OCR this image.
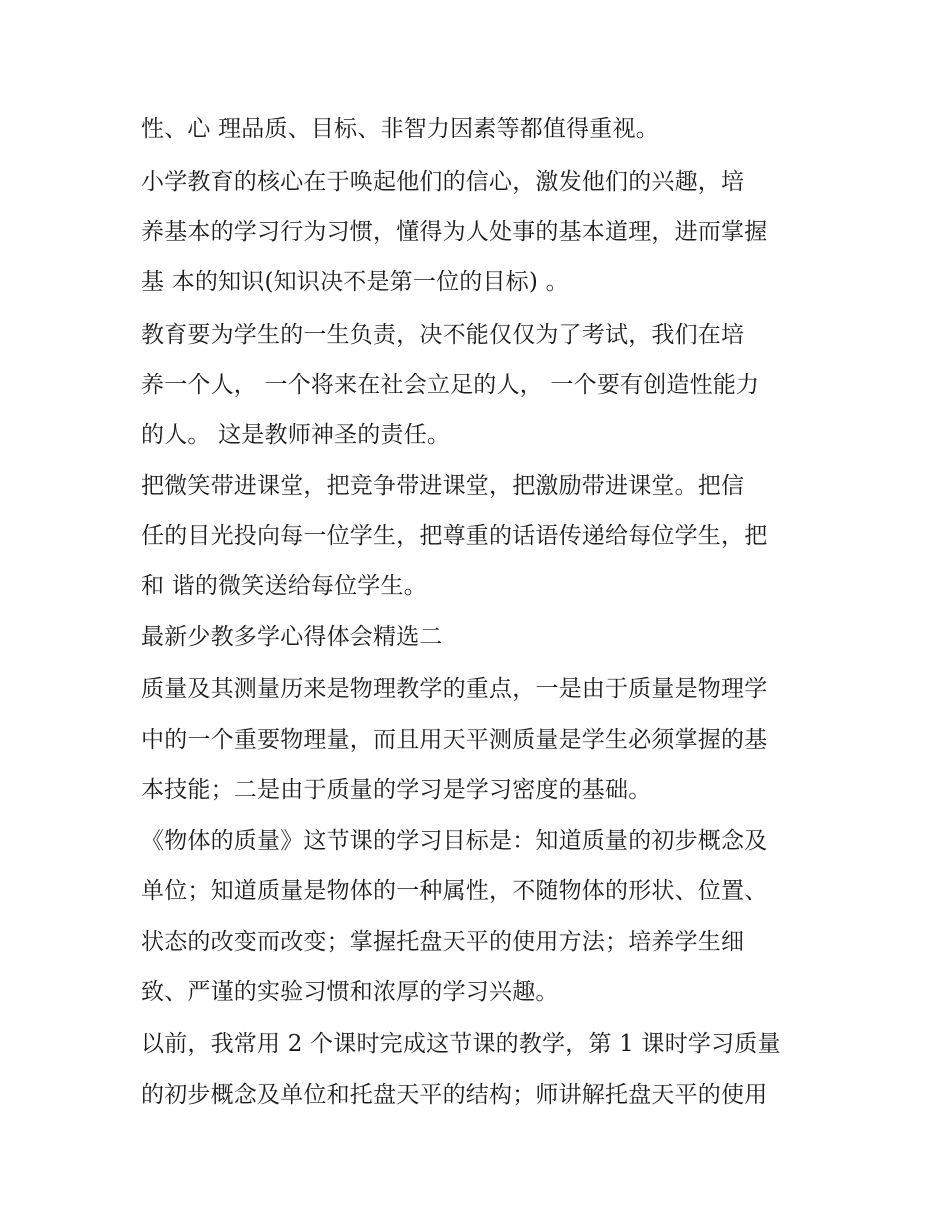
性、心 理品质、目标、非智力因素等都值得重视。
小学教育的核心在于唤起他们的信心，激发他们的兴趣，培
养基本的学习行为习惯，懂得为人处事的基本道理，进而掌握
基 本的知识(知识决不是第一位的目标) 。
教育要为学生的一生负责，决不能仅仅为了考试，我们在培
养一个人， 一个将来在社会立足的人， 一个要有创造性能力
的人。 这是教师神圣的责任。
把微笑带进课堂，把竞争带进课堂，把激励带进课堂。把信
任的目光投向每一位学生，把尊重的话语传递给每位学生，把
和 谐的微笑送给每位学生。
最新少教多学心得体会精选二
质量及其测量历来是物理教学的重点，一是由于质量是物理学
中的一个重要物理量，而且用天平测质量是学生必须掌握的基
本技能；二是由于质量的学习是学习密度的基础。
《物体的质量》这节课的学习目标是：知道质量的初步概念及
单位；知道质量是物体的一种属性，不随物体的形状、位置、
状态的改变而改变；掌握托盘天平的使用方法；培养学生细
致、严谨的实验习惯和浓厚的学习兴趣。
以前，我常用 2 个课时完成这节课的教学，第 1 课时学习质量
的初步概念及单位和托盘天平的结构；师讲解托盘天平的使用
